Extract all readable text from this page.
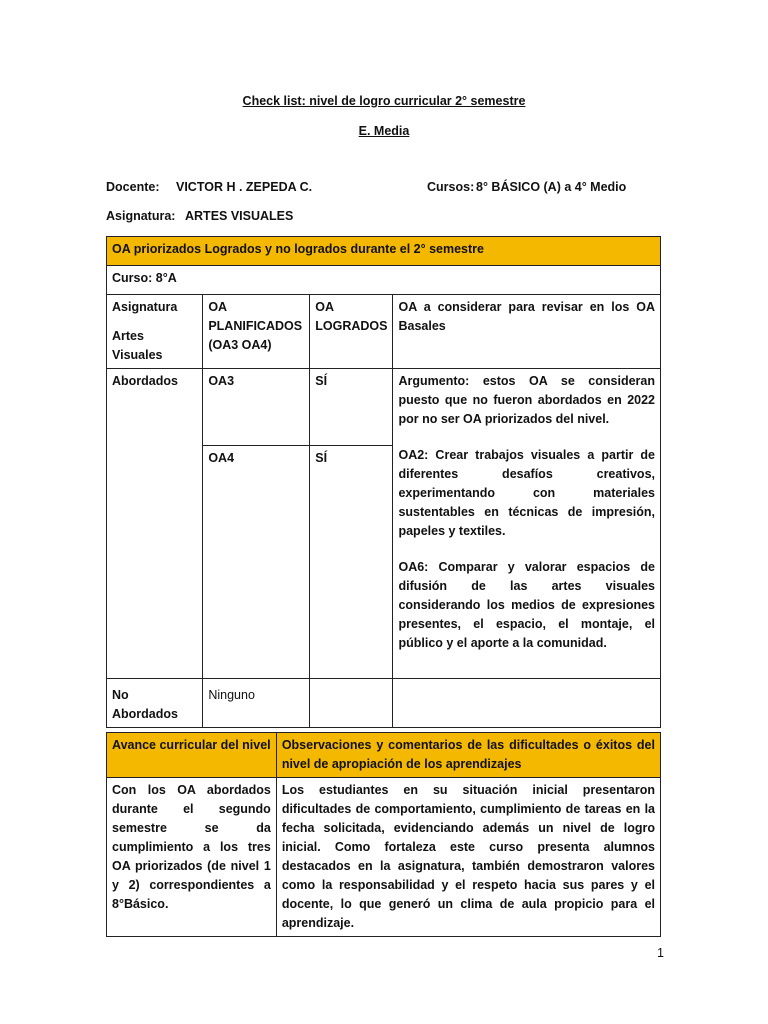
Check list: nivel de logro curricular 2° semestre
E. Media
Docente: VICTOR H . ZEPEDA C.	Cursos: 8° BÁSICO (A) a 4° Medio
Asignatura: ARTES VISUALES
OA priorizados Logrados y no logrados durante el 2° semestre			
Curso: 8°A			

Asignatura
Artes Visuales	OA PLANIFICADOS (OA3 OA4)	OA LOGRADOS	OA a considerar para revisar en los OA Basales
Abordados	OA3	SÍ	Argumento: estos OA se consideran puesto que no fueron abordados en 2022 por no ser OA priorizados del nivel.
OA2: Crear trabajos visuales a partir de diferentes desafíos creativos, experimentando con materiales sustentables en técnicas de impresión, papeles y textiles.
OA6: Comparar y valorar espacios de difusión de las artes visuales considerando los medios de expresiones presentes, el espacio, el montaje, el público y el aporte a la comunidad.

	OA4	SÍ	
No Abordados	Ninguno		
Avance curricular del nivel	Observaciones y comentarios de las dificultades o éxitos del nivel de apropiación de los aprendizajes
Con los OA abordados durante el segundo semestre se da cumplimiento a los tres OA priorizados (de nivel 1 y 2) correspondientes a 8°Básico.	Los estudiantes en su situación inicial presentaron dificultades de comportamiento, cumplimiento de tareas en la fecha solicitada, evidenciando además un nivel de logro inicial. Como fortaleza este curso presenta alumnos destacados en la asignatura, también demostraron valores como la responsabilidad y el respeto hacia sus pares y el docente, lo que generó un clima de aula propicio para el aprendizaje.
1
